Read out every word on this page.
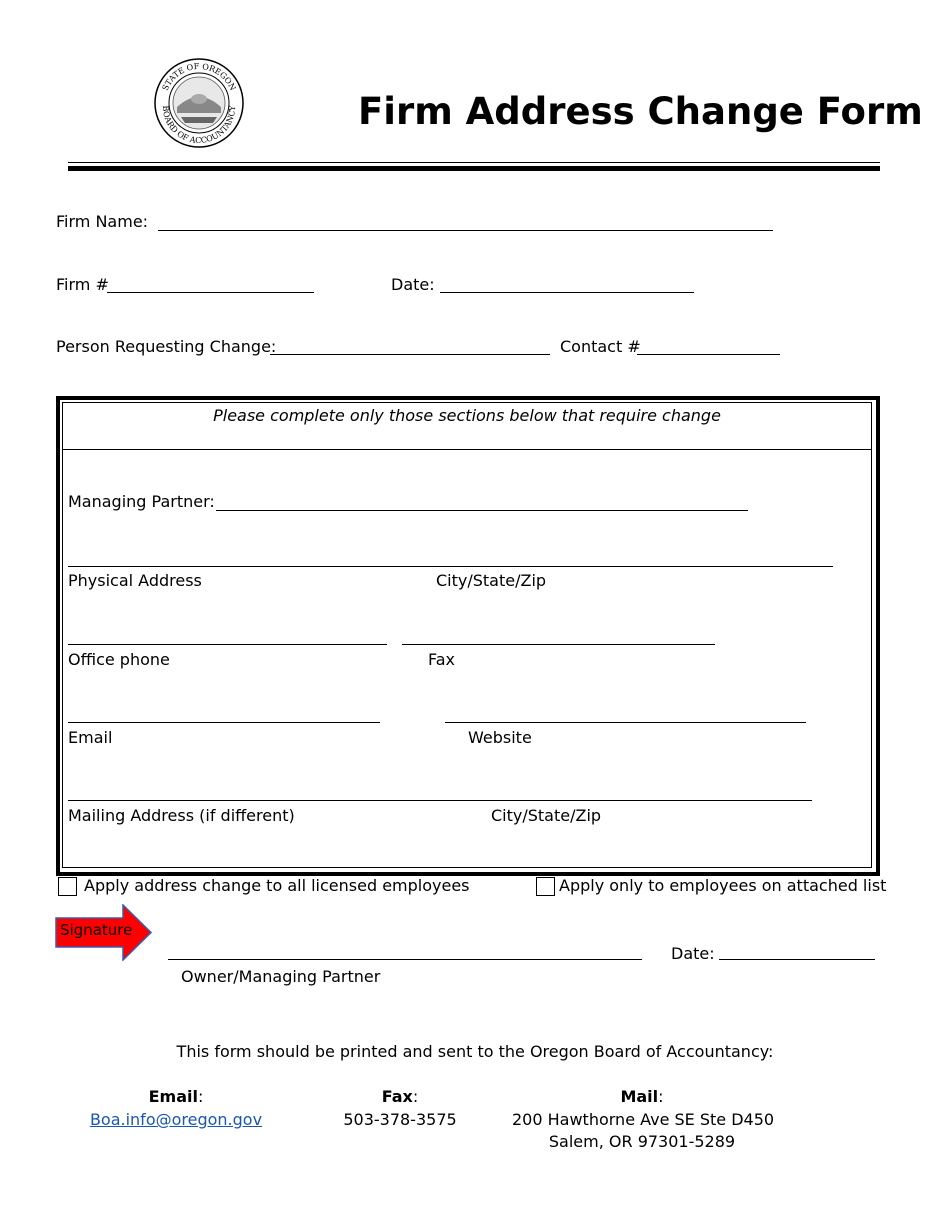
STATE OF OREGON
BOARD OF ACCOUNTANCY	Firm Address Change Form
Firm Name:
Firm #	Date:
Person Requesting Change:	Contact #
Please complete only those sections below that require change
Managing Partner:
Physical Address	City/State/Zip
Office phone	Fax
Email	Website
Mailing Address (if different)	City/State/Zip
Apply address change to all licensed employees	Apply only to employees on attached list
Signature
Date:
Owner/Managing Partner
This form should be printed and sent to the Oregon Board of Accountancy:
Email:
Boa.info@oregon.gov
Fax:
503-378-3575
Mail:
200 Hawthorne Ave SE Ste D450
Salem, OR 97301-5289
